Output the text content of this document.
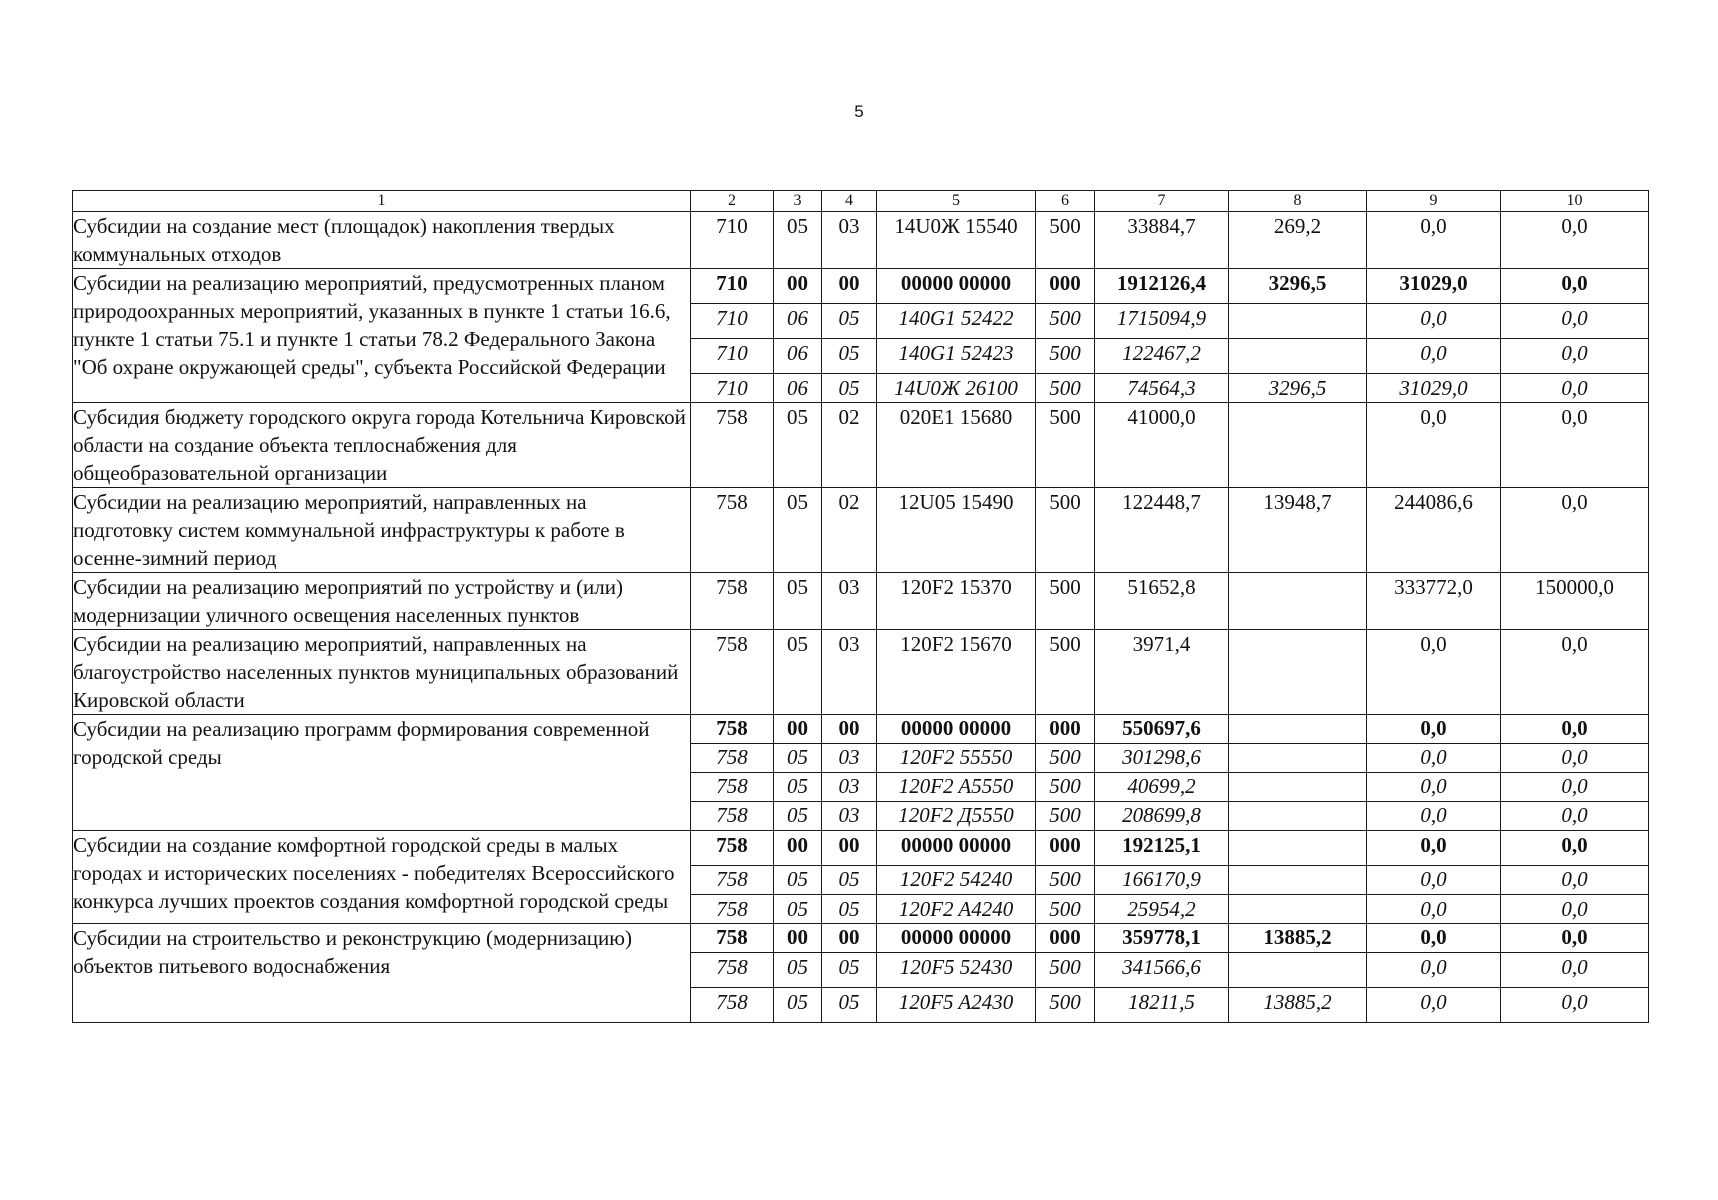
5
1	2	3	4	5	6	7	8	9	10
Субсидии на создание мест (площадок) накопления твердых коммунальных отходов	710	05	03	14U0Ж 15540	500	33884,7	269,2	0,0	0,0
Субсидии на реализацию мероприятий, предусмотренных планом природоохранных мероприятий, указанных в пункте 1 статьи 16.6, пункте 1 статьи 75.1 и пункте 1 статьи 78.2 Федерального Закона "Об охране окружающей среды", субъекта Российской Федерации	710	00	00	00000 00000	000	1912126,4	3296,5	31029,0	0,0
	710	06	05	140G1 52422	500	1715094,9		0,0	0,0
	710	06	05	140G1 52423	500	122467,2		0,0	0,0
	710	06	05	14U0Ж 26100	500	74564,3	3296,5	31029,0	0,0
Субсидия бюджету городского округа города Котельнича Кировской области на создание объекта теплоснабжения для общеобразовательной организации	758	05	02	020E1 15680	500	41000,0		0,0	0,0
Субсидии на реализацию мероприятий, направленных на подготовку систем коммунальной инфраструктуры к работе в осенне-зимний период	758	05	02	12U05 15490	500	122448,7	13948,7	244086,6	0,0
Субсидии на реализацию мероприятий по устройству и (или) модернизации уличного освещения населенных пунктов	758	05	03	120F2 15370	500	51652,8		333772,0	150000,0
Субсидии на реализацию мероприятий, направленных на благоустройство населенных пунктов муниципальных образований Кировской области	758	05	03	120F2 15670	500	3971,4		0,0	0,0
Субсидии на реализацию программ формирования современной городской среды	758	00	00	00000 00000	000	550697,6		0,0	0,0
	758	05	03	120F2 55550	500	301298,6		0,0	0,0
	758	05	03	120F2 A5550	500	40699,2		0,0	0,0
	758	05	03	120F2 Д5550	500	208699,8		0,0	0,0
Субсидии на создание комфортной городской среды в малых городах и исторических поселениях - победителях Всероссийского конкурса лучших проектов создания комфортной городской среды	758	00	00	00000 00000	000	192125,1		0,0	0,0
	758	05	05	120F2 54240	500	166170,9		0,0	0,0
	758	05	05	120F2 A4240	500	25954,2		0,0	0,0
Субсидии на строительство и реконструкцию (модернизацию) объектов питьевого водоснабжения	758	00	00	00000 00000	000	359778,1	13885,2	0,0	0,0
	758	05	05	120F5 52430	500	341566,6		0,0	0,0
	758	05	05	120F5 A2430	500	18211,5	13885,2	0,0	0,0
